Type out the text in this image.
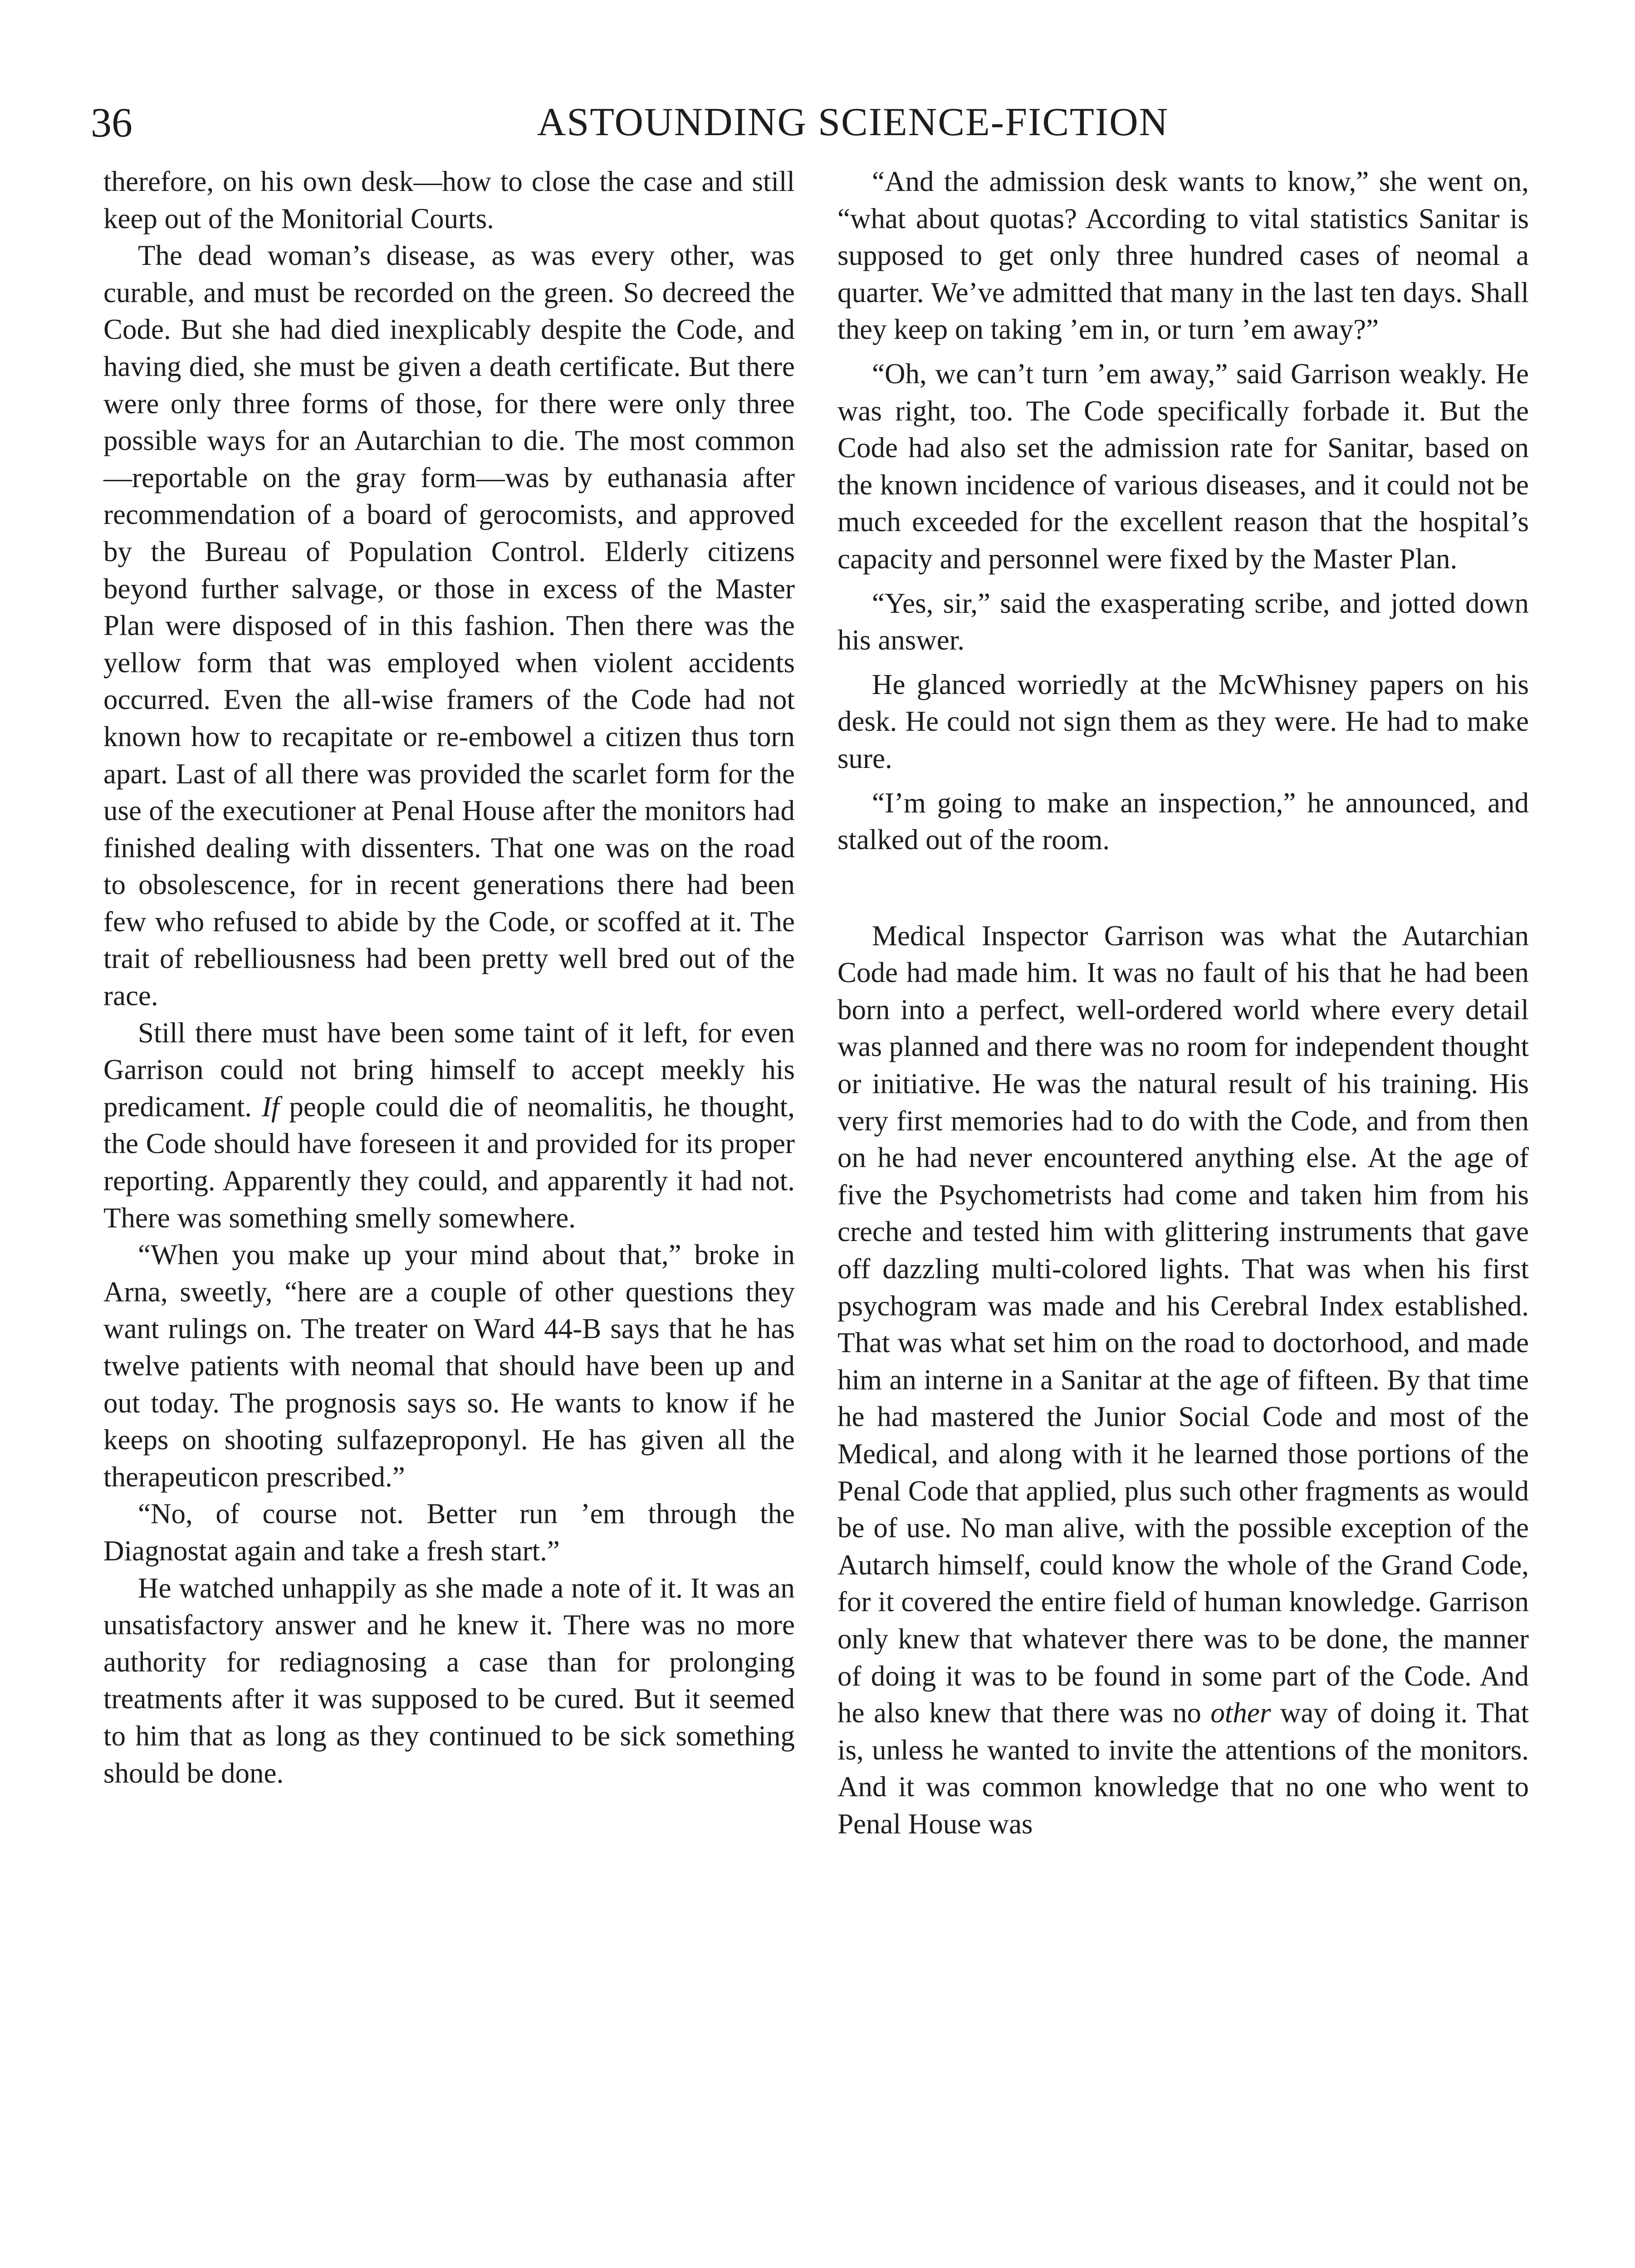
36	ASTOUNDING SCIENCE-FICTION

therefore, on his own desk—how to close the case and still keep out of the Monitorial Courts.

The dead woman’s disease, as was every other, was curable, and must be recorded on the green. So decreed the Code. But she had died inexplicably despite the Code, and having died, she must be given a death certificate. But there were only three forms of those, for there were only three possible ways for an Autarchian to die. The most common—reportable on the gray form—was by euthanasia after recommendation of a board of gerocomists, and approved by the Bureau of Population Control. Elderly citizens beyond further salvage, or those in excess of the Master Plan were disposed of in this fashion. Then there was the yellow form that was employed when violent accidents occurred. Even the all-wise framers of the Code had not known how to recapitate or re-embowel a citizen thus torn apart. Last of all there was provided the scarlet form for the use of the executioner at Penal House after the monitors had finished dealing with dissenters. That one was on the road to obsolescence, for in recent generations there had been few who refused to abide by the Code, or scoffed at it. The trait of rebelliousness had been pretty well bred out of the race.

Still there must have been some taint of it left, for even Garrison could not bring himself to accept meekly his predicament. If people could die of neomalitis, he thought, the Code should have foreseen it and provided for its proper reporting. Apparently they could, and apparently it had not. There was something smelly somewhere.

“When you make up your mind about that,” broke in Arna, sweetly, “here are a couple of other questions they want rulings on. The treater on Ward 44-B says that he has twelve patients with neomal that should have been up and out today. The prognosis says so. He wants to know if he keeps on shooting sulfazeproponyl. He has given all the therapeuticon prescribed.”

“No, of course not. Better run ’em through the Diagnostat again and take a fresh start.”

He watched unhappily as she made a note of it. It was an unsatisfactory answer and he knew it. There was no more authority for rediagnosing a case than for prolonging treatments after it was supposed to be cured. But it seemed to him that as long as they continued to be sick something should be done.

“And the admission desk wants to know,” she went on, “what about quotas? According to vital statistics Sanitar is supposed to get only three hundred cases of neomal a quarter. We’ve admitted that many in the last ten days. Shall they keep on taking ’em in, or turn ’em away?”

“Oh, we can’t turn ’em away,” said Garrison weakly. He was right, too. The Code specifically forbade it. But the Code had also set the admission rate for Sanitar, based on the known incidence of various diseases, and it could not be much exceeded for the excellent reason that the hospital’s capacity and personnel were fixed by the Master Plan.

“Yes, sir,” said the exasperating scribe, and jotted down his answer.

He glanced worriedly at the McWhisney papers on his desk. He could not sign them as they were. He had to make sure.

“I’m going to make an inspection,” he announced, and stalked out of the room.

Medical Inspector Garrison was what the Autarchian Code had made him. It was no fault of his that he had been born into a perfect, well-ordered world where every detail was planned and there was no room for independent thought or initiative. He was the natural result of his training. His very first memories had to do with the Code, and from then on he had never encountered anything else. At the age of five the Psychometrists had come and taken him from his creche and tested him with glittering instruments that gave off dazzling multi-colored lights. That was when his first psychogram was made and his Cerebral Index established. That was what set him on the road to doctorhood, and made him an interne in a Sanitar at the age of fifteen. By that time he had mastered the Junior Social Code and most of the Medical, and along with it he learned those portions of the Penal Code that applied, plus such other fragments as would be of use. No man alive, with the possible exception of the Autarch himself, could know the whole of the Grand Code, for it covered the entire field of human knowledge. Garrison only knew that whatever there was to be done, the manner of doing it was to be found in some part of the Code. And he also knew that there was no other way of doing it. That is, unless he wanted to invite the attentions of the monitors. And it was common knowledge that no one who went to Penal House was
